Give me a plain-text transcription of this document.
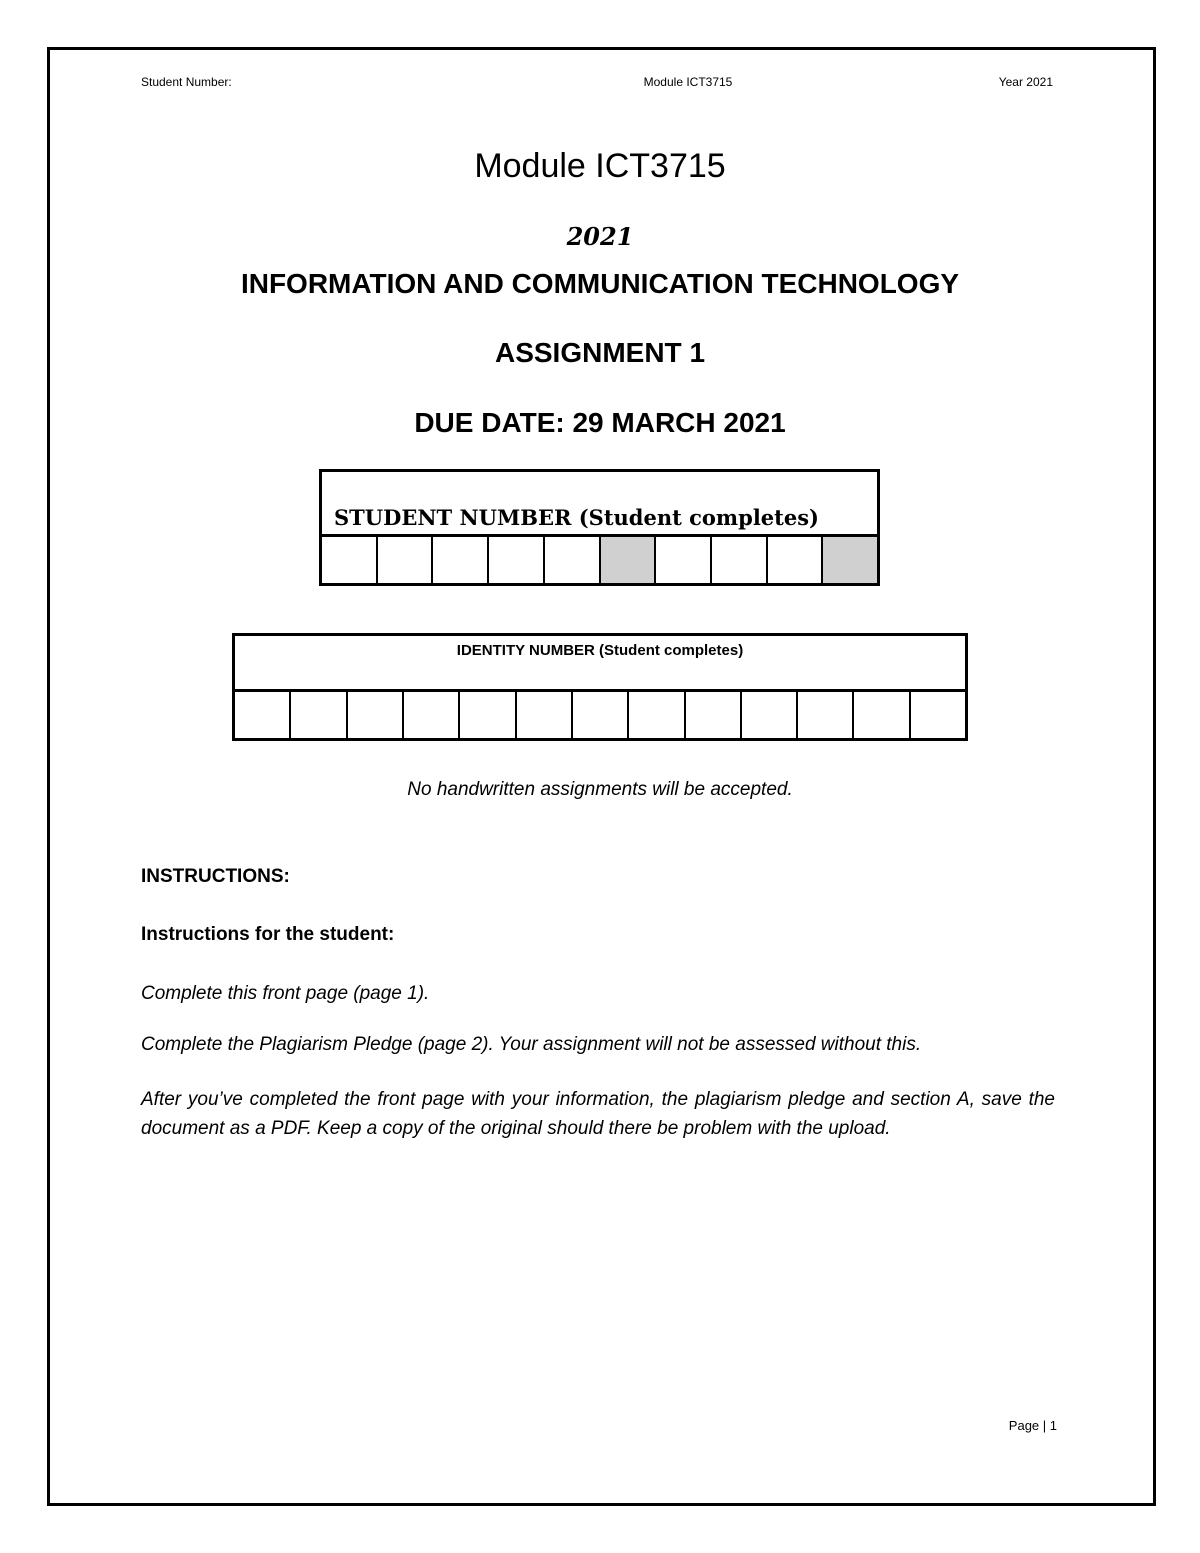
Student Number:	Module ICT3715	Year 2021
Module ICT3715
2021
INFORMATION AND COMMUNICATION TECHNOLOGY
ASSIGNMENT 1
DUE DATE: 29 MARCH 2021
STUDENT NUMBER (Student completes)
IDENTITY NUMBER (Student completes)
No handwritten assignments will be accepted.
INSTRUCTIONS:
Instructions for the student:
Complete this front page (page 1).
Complete the Plagiarism Pledge (page 2). Your assignment will not be assessed without this.
After you’ve completed the front page with your information, the plagiarism pledge and section A, save the document as a PDF. Keep a copy of the original should there be problem with the upload.
Page | 1
